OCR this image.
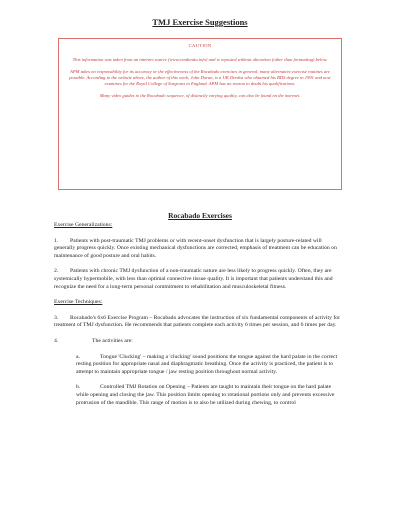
TMJ Exercise Suggestions

CAUTION

This information was taken from an internet source (www.exodontia.info) and is reposted without alteration (other than formatting) below.

APM takes no responsibility for its accuracy or the effectiveness of the Rocabado exercises in general; many alternative exercise routines are possible. According to the website above, the author of this work, John Doran, is a UK Dentist who obtained his BDS degree in 1991 and now examines for the Royal College of Surgeons in England. APM has no reason to doubt his qualifications.

Many video guides to the Rocabado sequence, of distinctly varying quality, can also be found on the internet.

Rocabado Exercises

Exercise Generalizations:

1. Patients with post-traumatic TMJ problems or with recent-onset dysfunction that is largely posture-related will generally progress quickly. Once existing mechanical dysfunctions are corrected, emphasis of treatment can be education on maintenance of good posture and oral habits.

2. Patients with chronic TMJ dysfunction of a non-traumatic nature are less likely to progress quickly. Often, they are systemically hypermobile, with less than optimal connective tissue quality. It is important that patients understand this and recognize the need for a long-term personal commitment to rehabilitation and musculoskeletal fitness.

Exercise Techniques:

3. Rocabado's 6x6 Exercise Program – Rocabado advocates the instruction of six fundamental components of activity for treatment of TMJ dysfunction. He recommends that patients complete each activity 6 times per session, and 6 times per day.

4.	The activities are:

a.	Tongue 'Clucking' – making a 'clucking' sound positions the tongue against the hard palate in the correct resting position for appropriate nasal and diaphragmatic breathing. Once the activity is practiced, the patient is to attempt to maintain appropriate tongue / jaw resting position throughout normal activity.

b.	Controlled TMJ Rotation on Opening – Patients are taught to maintain their tongue on the hard palate while opening and closing the jaw. This position limits opening to rotational portions only and prevents excessive protrusion of the mandible. This range of motion is to also be utilized during chewing, to control
